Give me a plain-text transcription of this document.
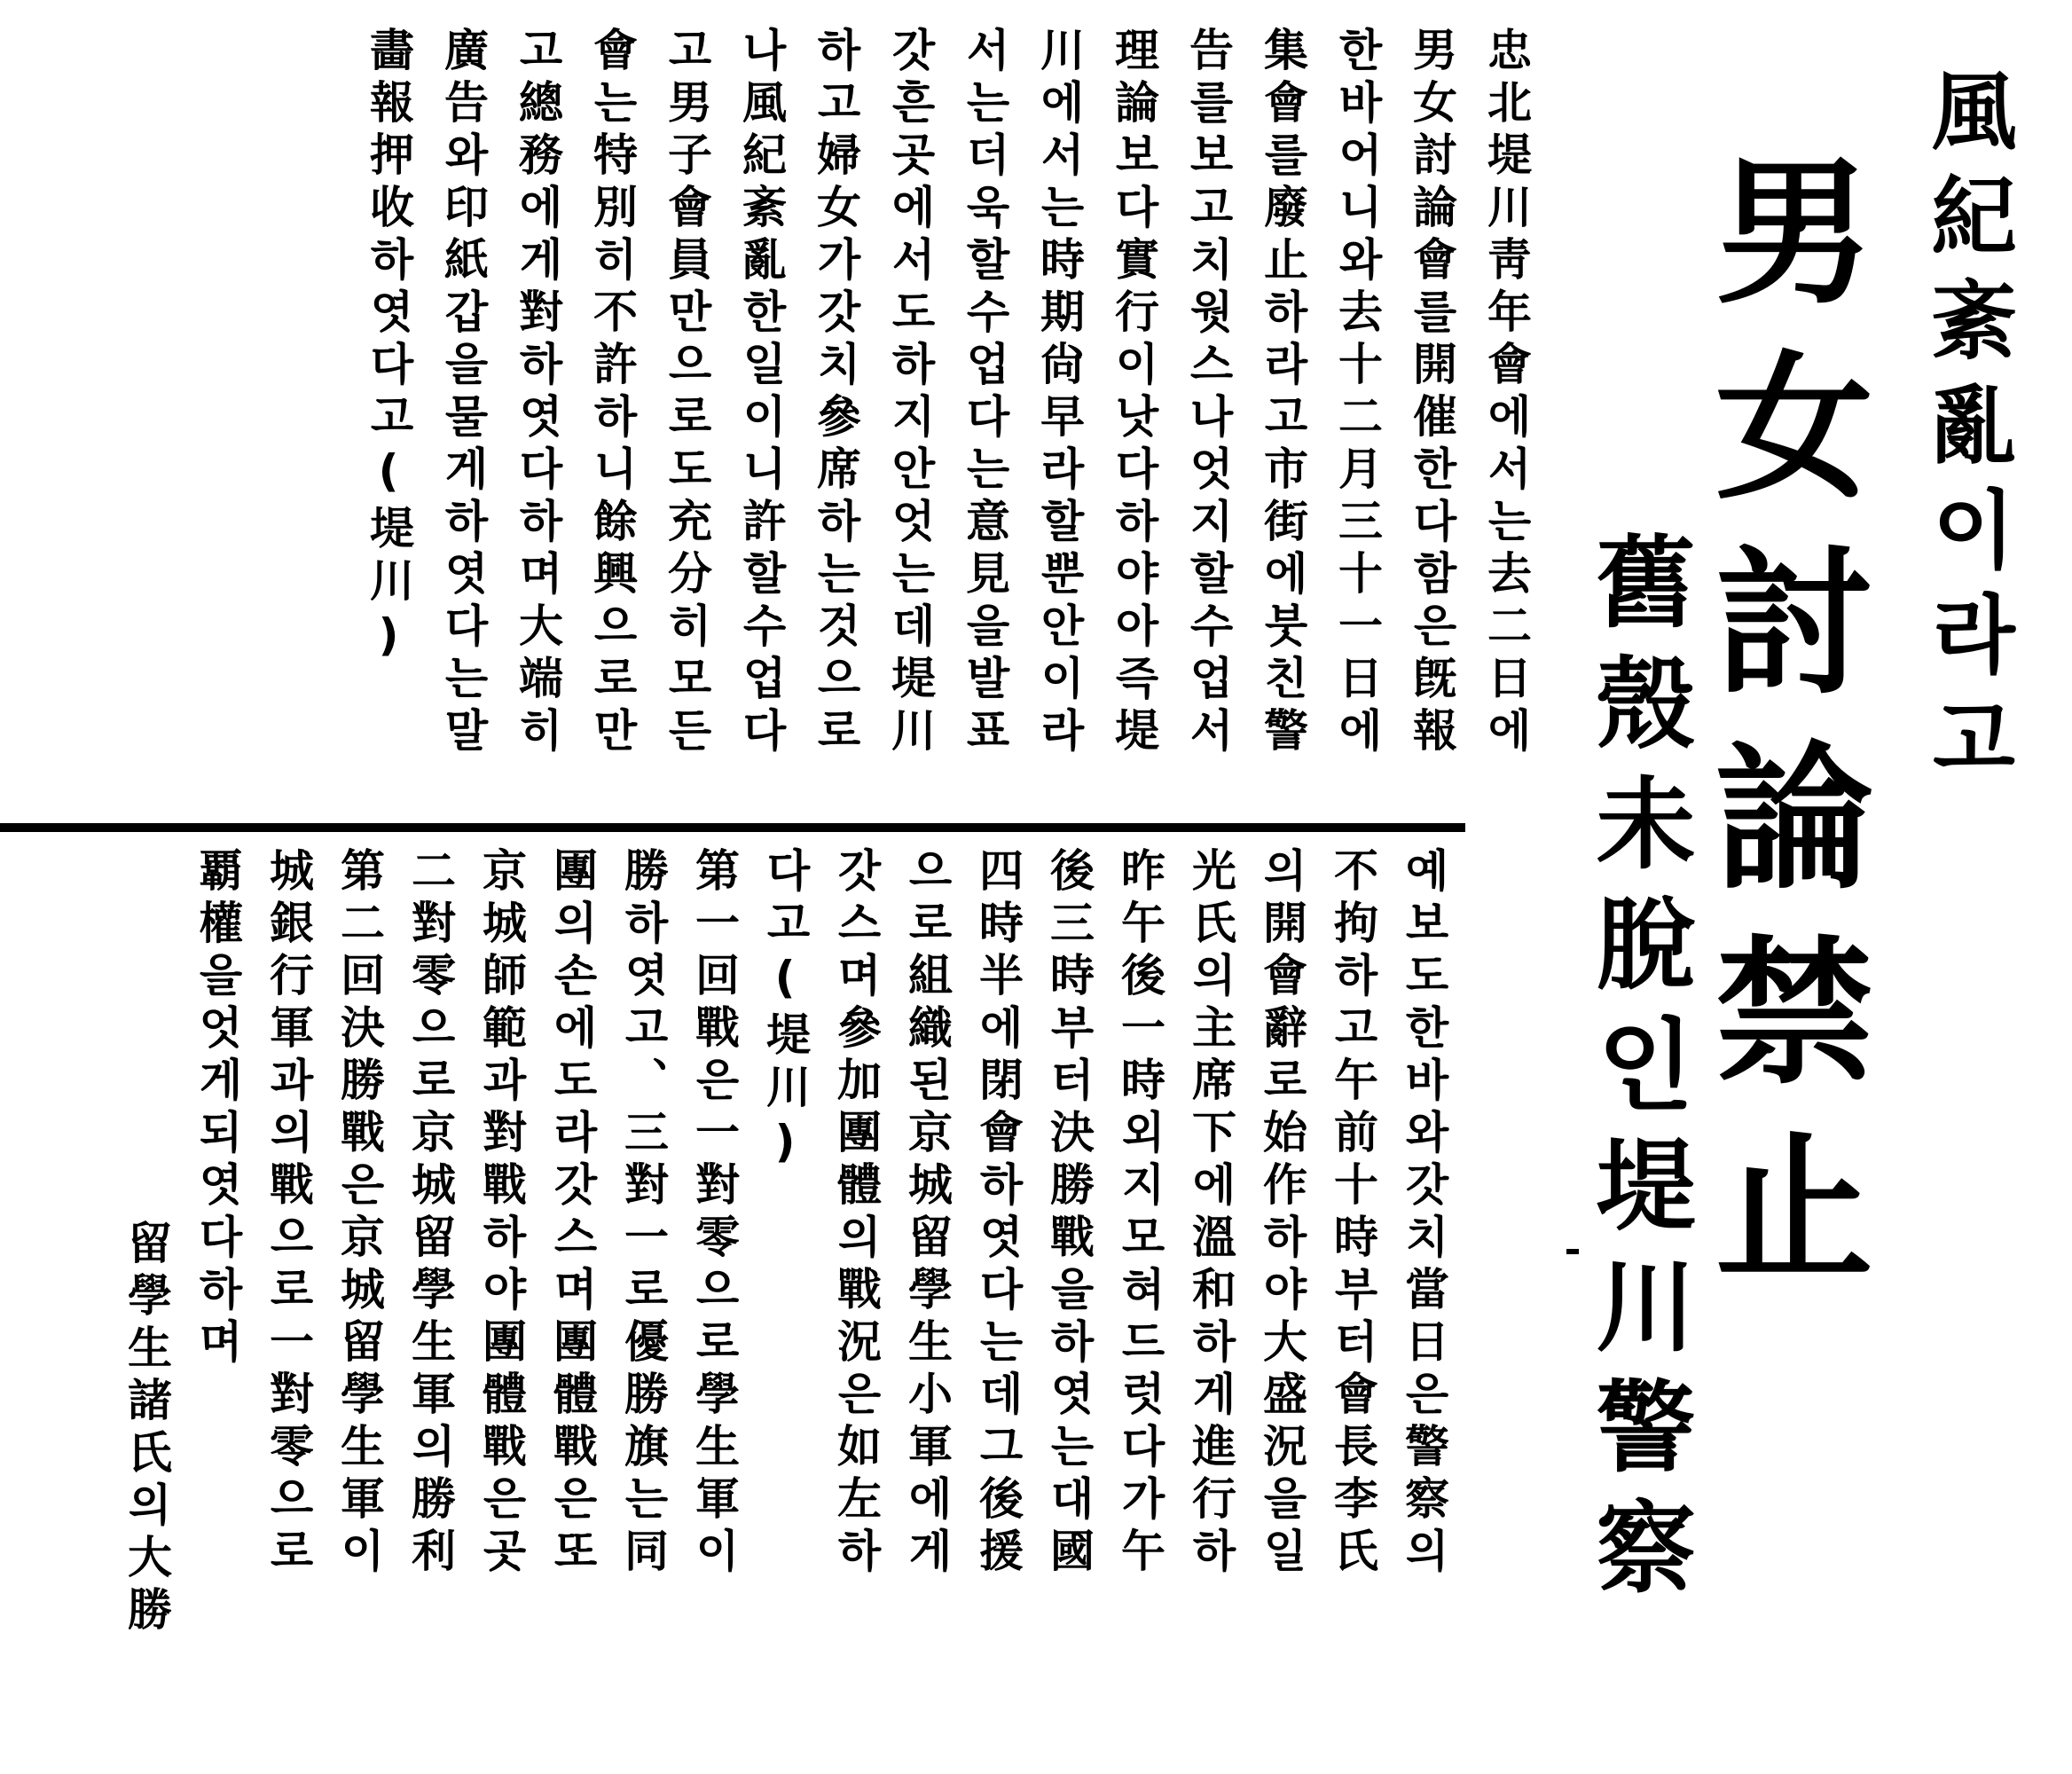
風紀紊亂이라고
男女討論禁止
舊殼未脫인堤川警察
忠北堤川靑年會에서는去二日에
男女討論會를開催한다함은旣報
한바어니와去十二月三十一日에
集會를廢止하라고市街에붓친警
告를보고치웟스나엇지할수업서
理論보다實行이낫다하야아즉堤
川에서는時期尙早라할뿐안이라
서는더욱할수업다는意見을발표
갓흔곳에서도하지안엇는데堤川
하고婦女가갓치參席하는것으로
나風紀紊亂한일이니許할수업다
고男子會員만으로도充分히모든
會는特別히不許하니餘興으로만
고總務에게對하엿다하며大端히
廣告와印紙갑을물게하엿다는말
畵報押收하엿다고(堤川)
예보도한바와갓치當日은警察의
不拘하고午前十時부터會長李氏
의開會辭로始作하야大盛況을일
光氏의主席下에溫和하게進行하
昨午後一時외지모혀드럿다가午
後三時부터決勝戰을하엿는대國
四時半에閉會하엿다는데그後援
으로組織된京城留學生小軍에게
갓스며參加團體의戰況은如左하
다고(堤川)
第一回戰은一對零으로學生軍이
勝하엿고、三對一로優勝旗는同
團의손에도라갓스며團體戰은또
京城師範과對戰하야團體戰은곳
二對零으로京城留學生軍의勝利
第二回決勝戰은京城留學生軍이
城銀行軍과의戰으로一對零으로
覇權을엇게되엿다하며
留學生諸氏의大勝
